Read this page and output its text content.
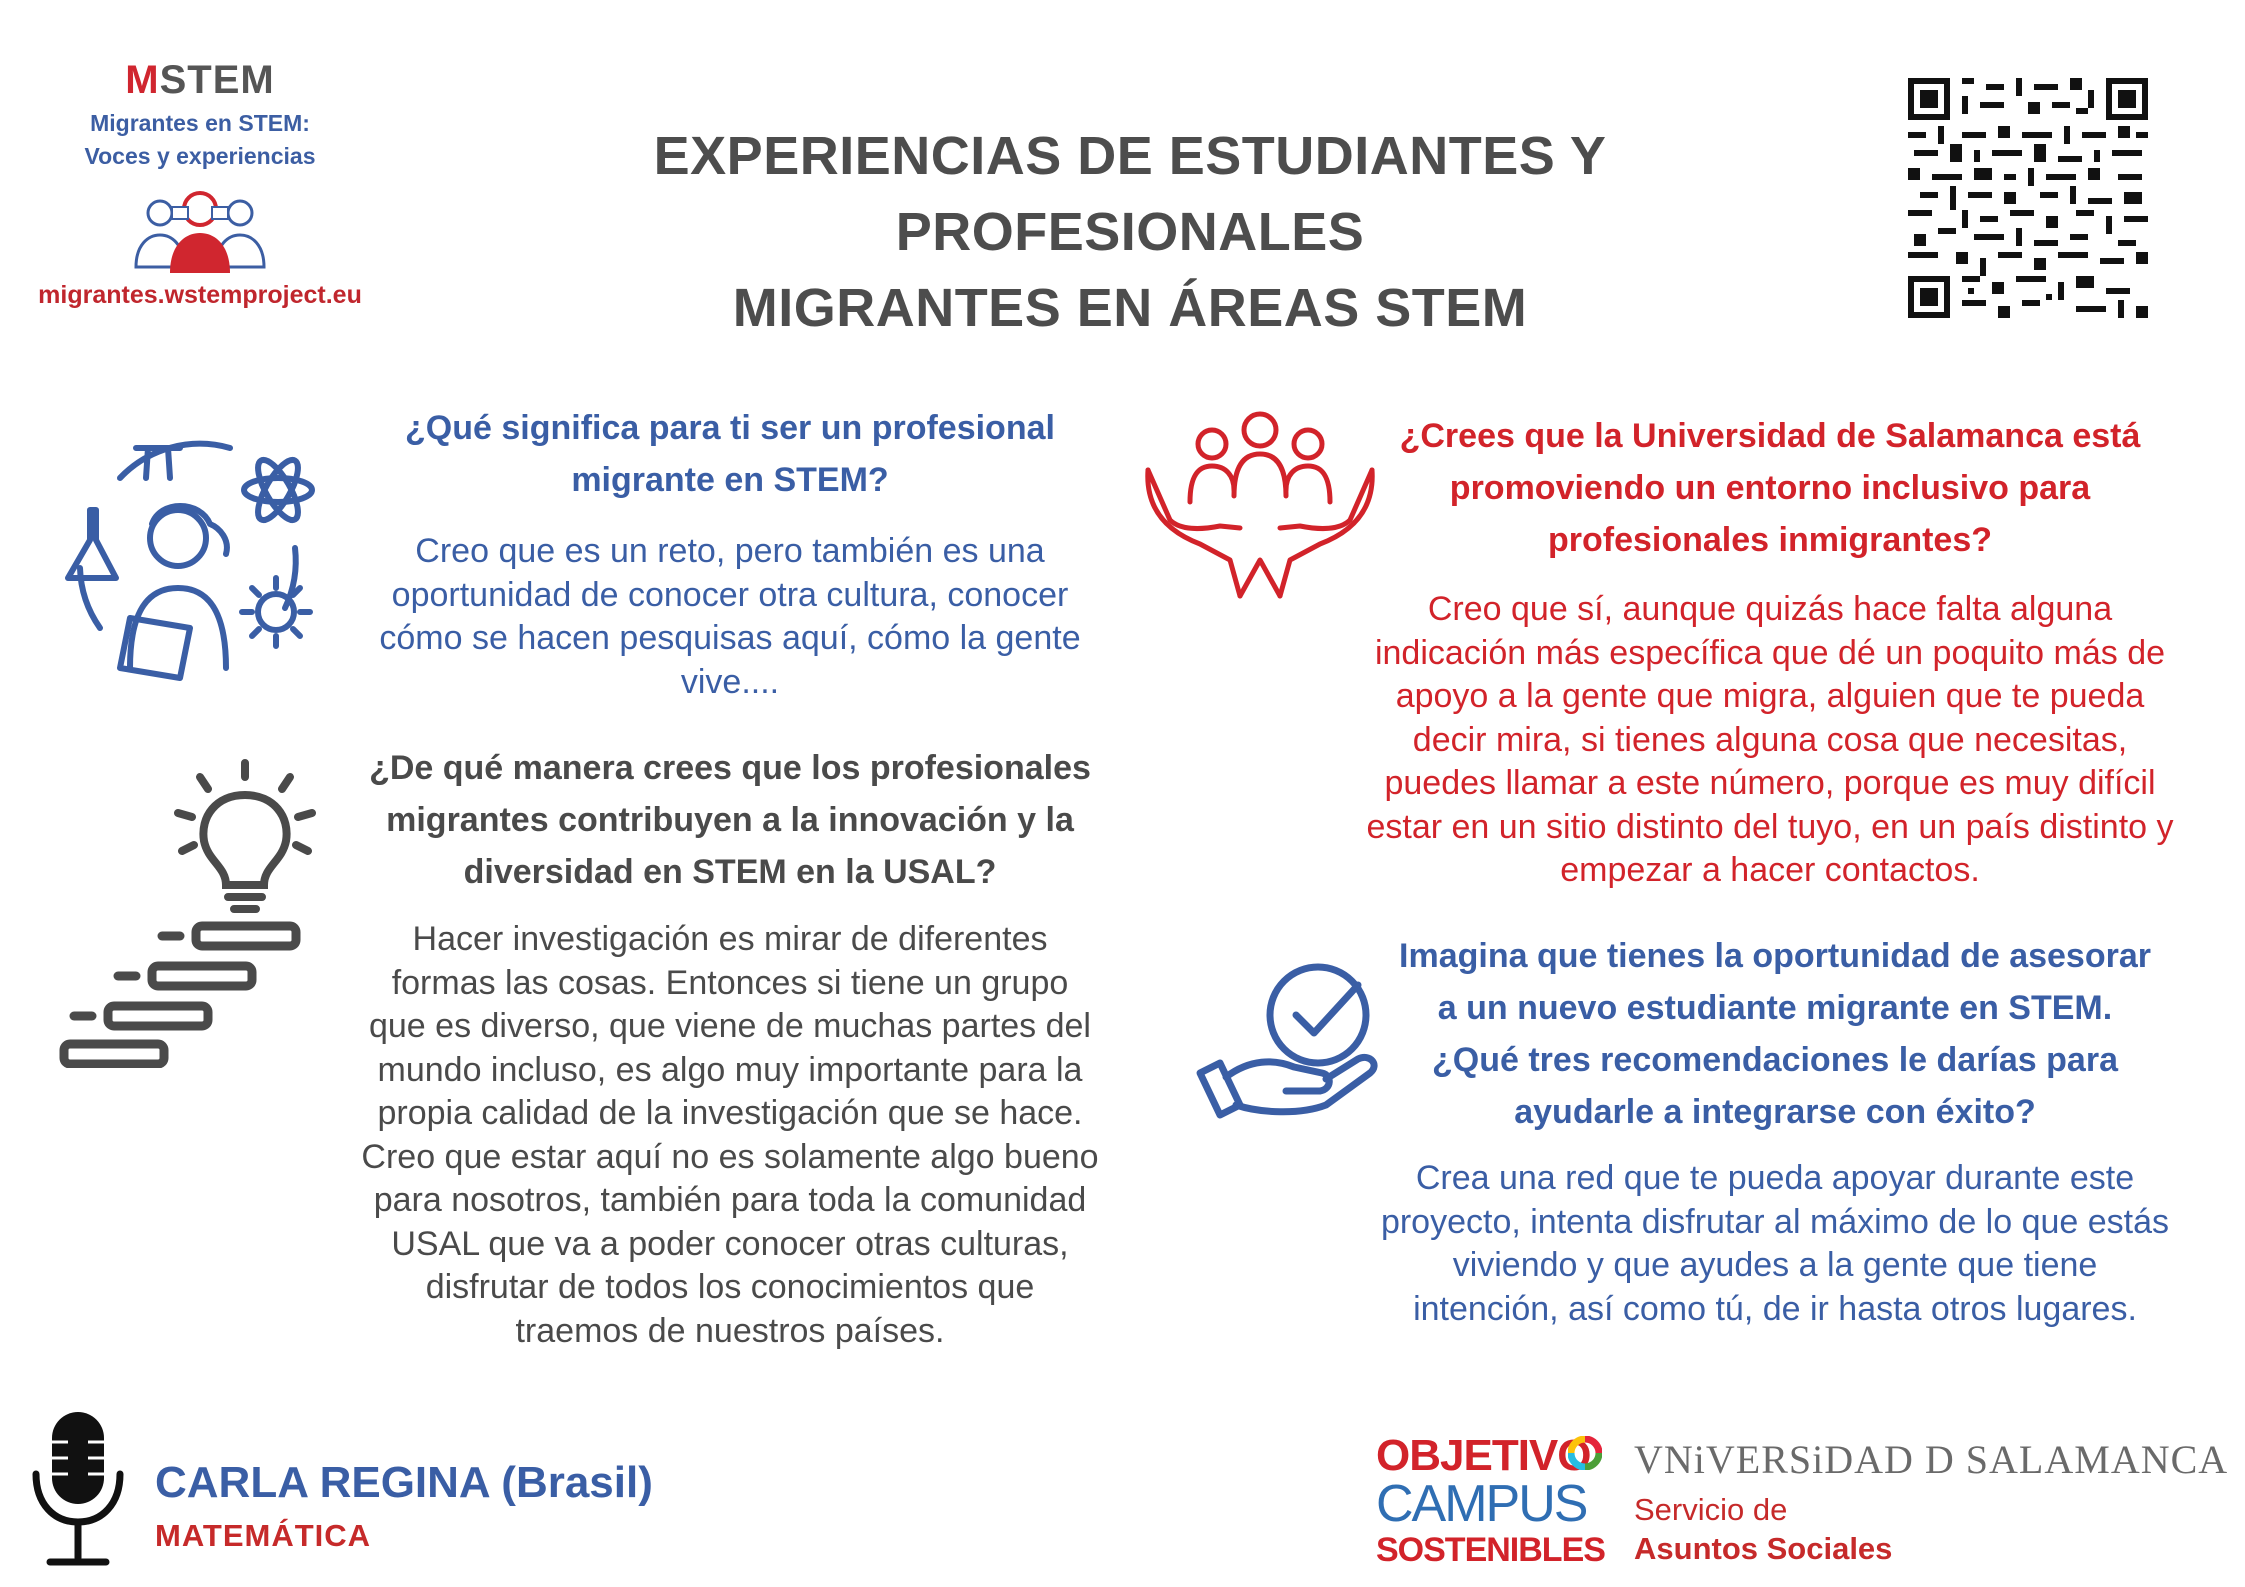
MSTEM
Migrantes en STEM:
Voces y experiencias
migrantes.wstemproject.eu
EXPERIENCIAS DE ESTUDIANTES Y PROFESIONALES
MIGRANTES EN ÁREAS STEM
¿Qué significa para ti ser un profesional migrante en STEM?
Creo que es un reto, pero también es una oportunidad de conocer otra cultura, conocer cómo se hacen pesquisas aquí, cómo la gente vive....
¿De qué manera crees que los profesionales migrantes contribuyen a la innovación y la diversidad en STEM en la USAL?
Hacer investigación es mirar de diferentes formas las cosas. Entonces si tiene un grupo que es diverso, que viene de muchas partes del mundo incluso, es algo muy importante para la propia calidad de la investigación que se hace. Creo que estar aquí no es solamente algo bueno para nosotros, también para toda la comunidad USAL que va a poder conocer otras culturas, disfrutar de todos los conocimientos que traemos de nuestros países.
¿Crees que la Universidad de Salamanca está promoviendo un entorno inclusivo para profesionales inmigrantes?
Creo que sí, aunque quizás hace falta alguna indicación más específica que dé un poquito más de apoyo a la gente que migra, alguien que te pueda decir mira, si tienes alguna cosa que necesitas, puedes llamar a este número, porque es muy difícil estar en un sitio distinto del tuyo, en un país distinto y empezar a hacer contactos.
Imagina que tienes la oportunidad de asesorar a un nuevo estudiante migrante en STEM. ¿Qué tres recomendaciones le darías para ayudarle a integrarse con éxito?
Crea una red que te pueda apoyar durante este proyecto, intenta disfrutar al máximo de lo que estás viviendo y que ayudes a la gente que tiene intención, así como tú, de ir hasta otros lugares.
CARLA REGINA (Brasil)
MATEMÁTICA
OBJETIVO
CAMPUS
SOSTENIBLES
VNiVERSiDAD D SALAMANCA
Servicio de
Asuntos Sociales
